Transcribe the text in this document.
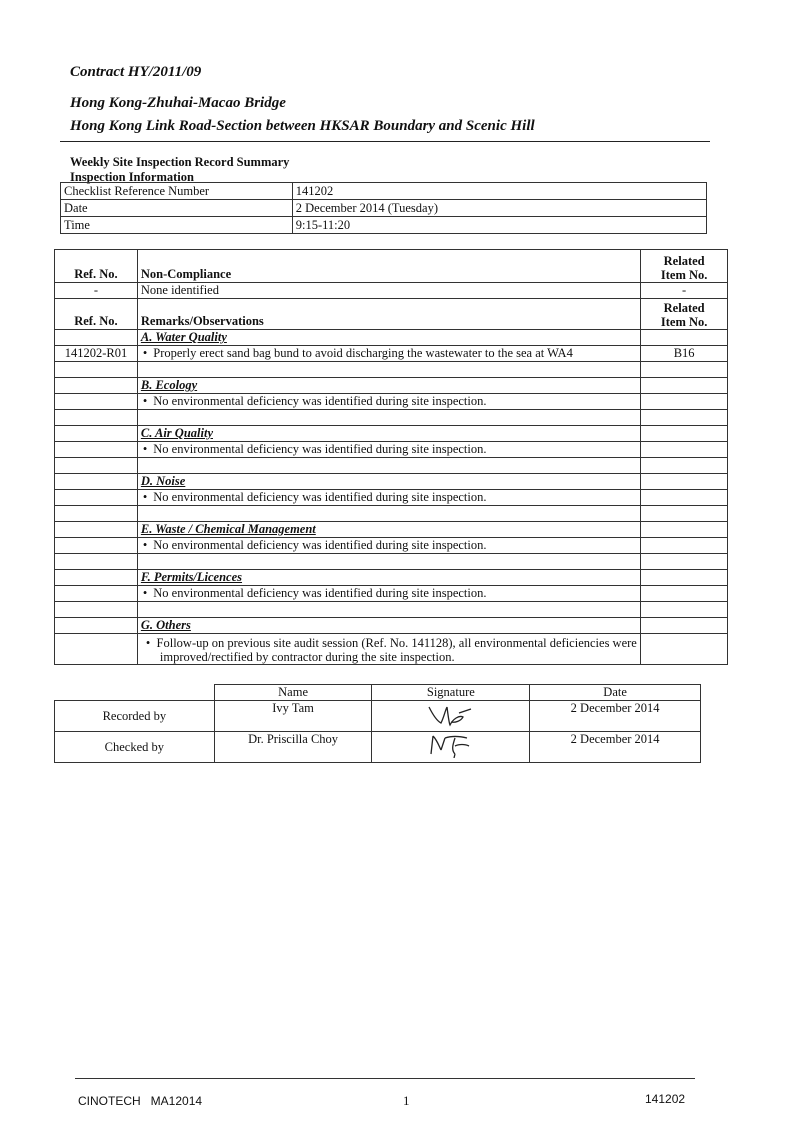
Contract HY/2011/09
Hong Kong-Zhuhai-Macao Bridge
Hong Kong Link Road-Section between HKSAR Boundary and Scenic Hill
Weekly Site Inspection Record Summary
Inspection Information
Checklist Reference Number	141202
Date	2 December 2014 (Tuesday)
Time	9:15-11:20
Ref. No.	Non-Compliance	Related
Item No.
-	None identified	-
Ref. No.	Remarks/Observations	Related
Item No.
	A. Water Quality	
141202-R01	• Properly erect sand bag bund to avoid discharging the wastewater to the sea at WA4	B16

	B. Ecology	
	• No environmental deficiency was identified during site inspection.	

	C. Air Quality	
	• No environmental deficiency was identified during site inspection.	

	D. Noise	
	• No environmental deficiency was identified during site inspection.	

	E. Waste / Chemical Management	
	• No environmental deficiency was identified during site inspection.	

	F. Permits/Licences	
	• No environmental deficiency was identified during site inspection.	

	G. Others	
	•  Follow-up on previous site audit session (Ref. No. 141128), all environmental deficiencies were improved/rectified by contractor during the site inspection.	
	Name	Signature	Date
Recorded by	Ivy Tam		2 December 2014
Checked by	Dr. Priscilla Choy		2 December 2014
CINOTECH   MA12014	1	141202
